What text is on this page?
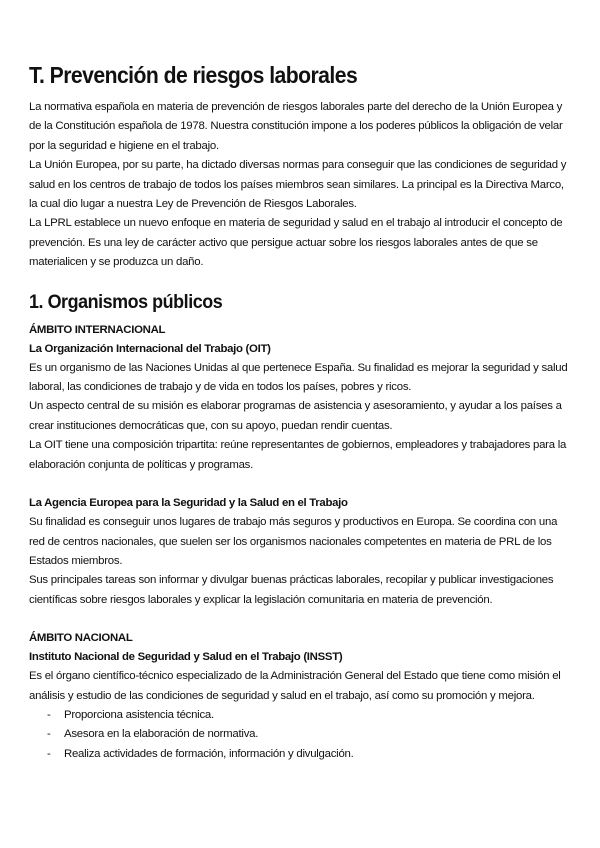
T. Prevención de riesgos laborales

La normativa española en materia de prevención de riesgos laborales parte del derecho de la Unión Europea y de la Constitución española de 1978. Nuestra constitución impone a los poderes públicos la obligación de velar por la seguridad e higiene en el trabajo.

La Unión Europea, por su parte, ha dictado diversas normas para conseguir que las condiciones de seguridad y salud en los centros de trabajo de todos los países miembros sean similares. La principal es la Directiva Marco, la cual dio lugar a nuestra Ley de Prevención de Riesgos Laborales.

La LPRL establece un nuevo enfoque en materia de seguridad y salud en el trabajo al introducir el concepto de prevención. Es una ley de carácter activo que persigue actuar sobre los riesgos laborales antes de que se materialicen y se produzca un daño.

1. Organismos públicos
ÁMBITO INTERNACIONAL
La Organización Internacional del Trabajo (OIT)

Es un organismo de las Naciones Unidas al que pertenece España. Su finalidad es mejorar la seguridad y salud laboral, las condiciones de trabajo y de vida en todos los países, pobres y ricos.

Un aspecto central de su misión es elaborar programas de asistencia y asesoramiento, y ayudar a los países a crear instituciones democráticas que, con su apoyo, puedan rendir cuentas.

La OIT tiene una composición tripartita: reúne representantes de gobiernos, empleadores y trabajadores para la elaboración conjunta de políticas y programas.

La Agencia Europea para la Seguridad y la Salud en el Trabajo

Su finalidad es conseguir unos lugares de trabajo más seguros y productivos en Europa. Se coordina con una red de centros nacionales, que suelen ser los organismos nacionales competentes en materia de PRL de los Estados miembros.

Sus principales tareas son informar y divulgar buenas prácticas laborales, recopilar y publicar investigaciones científicas sobre riesgos laborales y explicar la legislación comunitaria en materia de prevención.

ÁMBITO NACIONAL
Instituto Nacional de Seguridad y Salud en el Trabajo (INSST)

Es el órgano científico-técnico especializado de la Administración General del Estado que tiene como misión el análisis y estudio de las condiciones de seguridad y salud en el trabajo, así como su promoción y mejora.

- Proporciona asistencia técnica.
- Asesora en la elaboración de normativa.
- Realiza actividades de formación, información y divulgación.
